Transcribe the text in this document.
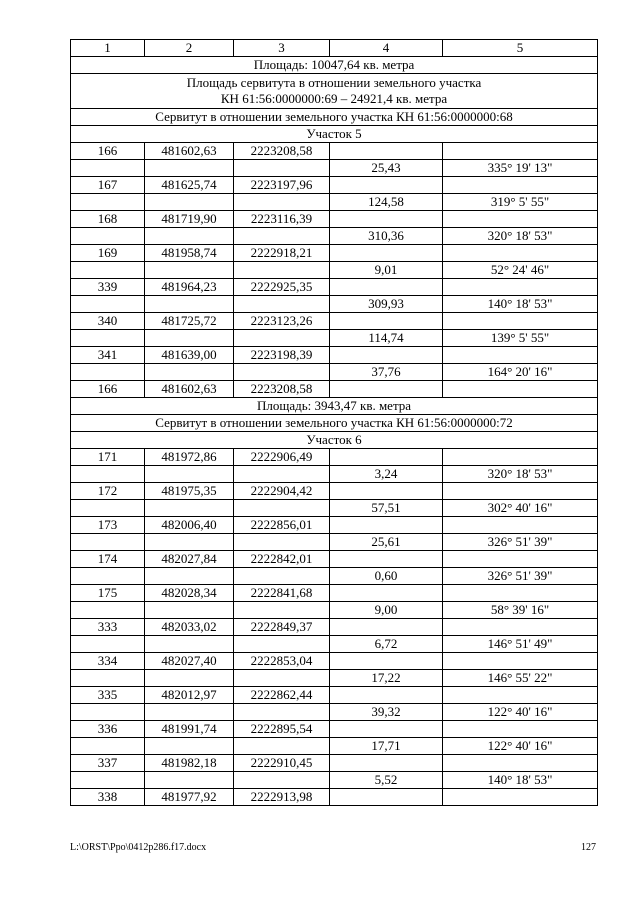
1	2	3	4	5
Площадь: 10047,64 кв. метра				

Площадь сервитута в отношении земельного участка
КН 61:56:0000000:69 – 24921,4 кв. метра				

Сервитут в отношении земельного участка КН 61:56:0000000:68				
Участок 5				
166	481602,63	2223208,58		
			25,43	335° 19' 13"
167	481625,74	2223197,96		
			124,58	319° 5' 55"
168	481719,90	2223116,39		
			310,36	320° 18' 53"
169	481958,74	2222918,21		
			9,01	52° 24' 46"
339	481964,23	2222925,35		
			309,93	140° 18' 53"
340	481725,72	2223123,26		
			114,74	139° 5' 55"
341	481639,00	2223198,39		
			37,76	164° 20' 16"
166	481602,63	2223208,58		
Площадь: 3943,47 кв. метра				
Сервитут в отношении земельного участка КН 61:56:0000000:72				
Участок 6				
171	481972,86	2222906,49		
			3,24	320° 18' 53"
172	481975,35	2222904,42		
			57,51	302° 40' 16"
173	482006,40	2222856,01		
			25,61	326° 51' 39"
174	482027,84	2222842,01		
			0,60	326° 51' 39"
175	482028,34	2222841,68		
			9,00	58° 39' 16"
333	482033,02	2222849,37		
			6,72	146° 51' 49"
334	482027,40	2222853,04		
			17,22	146° 55' 22"
335	482012,97	2222862,44		
			39,32	122° 40' 16"
336	481991,74	2222895,54		
			17,71	122° 40' 16"
337	481982,18	2222910,45		
			5,52	140° 18' 53"
338	481977,92	2222913,98		
L:\ORST\Ppo\0412p286.f17.docx	127
